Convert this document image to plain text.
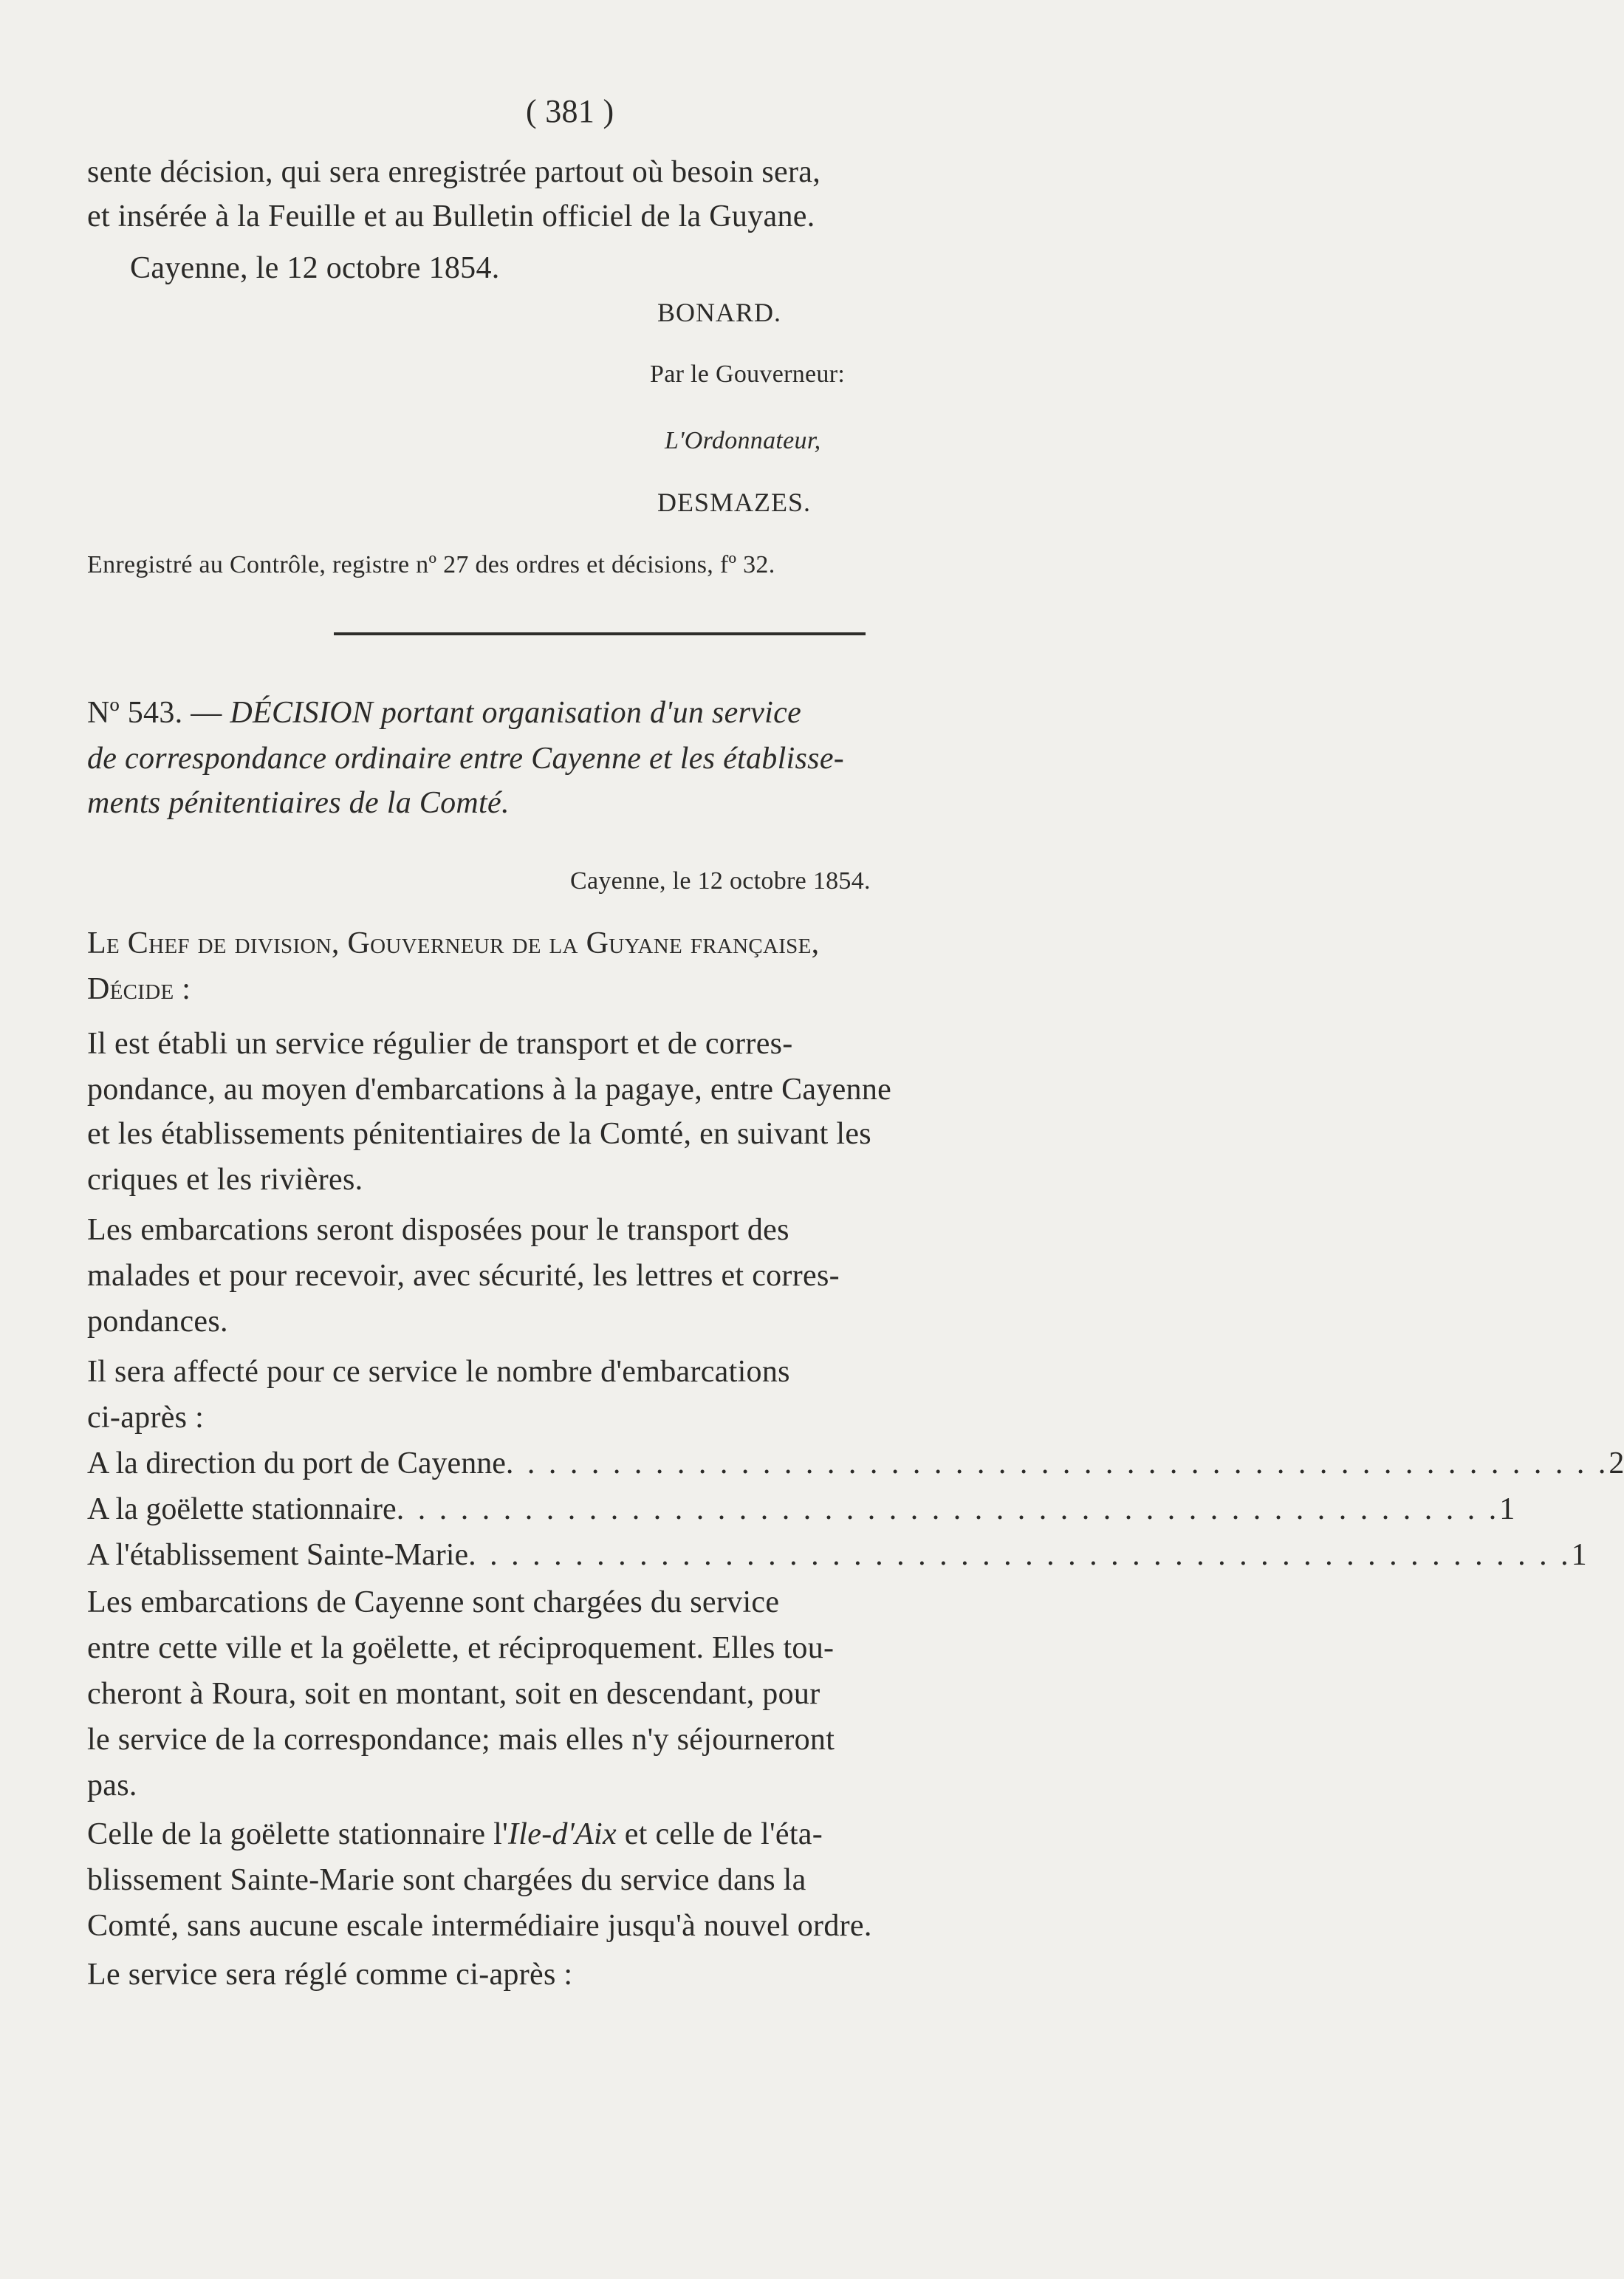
( 381 )
sente décision, qui sera enregistrée partout où besoin sera,
et insérée à la Feuille et au Bulletin officiel de la Guyane.
Cayenne, le 12 octobre 1854.
BONARD.
Par le Gouverneur:
L'Ordonnateur,
DESMAZES.
Enregistré au Contrôle, registre nº 27 des ordres et décisions, fº 32.
Nº 543. — DÉCISION portant organisation d'un service
de correspondance ordinaire entre Cayenne et les établisse-
ments pénitentiaires de la Comté.
Cayenne, le 12 octobre 1854.
Le Chef de division, Gouverneur de la Guyane française,
Décide :
Il est établi un service régulier de transport et de corres-
pondance, au moyen d'embarcations à la pagaye, entre Cayenne
et les établissements pénitentiaires de la Comté, en suivant les
criques et les rivières.
Les embarcations seront disposées pour le transport des
malades et pour recevoir, avec sécurité, les lettres et corres-
pondances.
Il sera affecté pour ce service le nombre d'embarcations
ci-après :
A la direction du port de Cayenne . . . . . . . . . . . . . . . . . . . . . . . . . . . . . . . . . . . . . . . . . . . . . . . . . . . . 2
A la goëlette stationnaire . . . . . . . . . . . . . . . . . . . . . . . . . . . . . . . . . . . . . . . . . . . . . . . . . . . . 1
A l'établissement Sainte-Marie . . . . . . . . . . . . . . . . . . . . . . . . . . . . . . . . . . . . . . . . . . . . . . . . . . . . 1
Les embarcations de Cayenne sont chargées du service
entre cette ville et la goëlette, et réciproquement. Elles tou-
cheront à Roura, soit en montant, soit en descendant, pour
le service de la correspondance; mais elles n'y séjourneront
pas.
Celle de la goëlette stationnaire l'Ile-d'Aix et celle de l'éta-
blissement Sainte-Marie sont chargées du service dans la
Comté, sans aucune escale intermédiaire jusqu'à nouvel ordre.
Le service sera réglé comme ci-après :
